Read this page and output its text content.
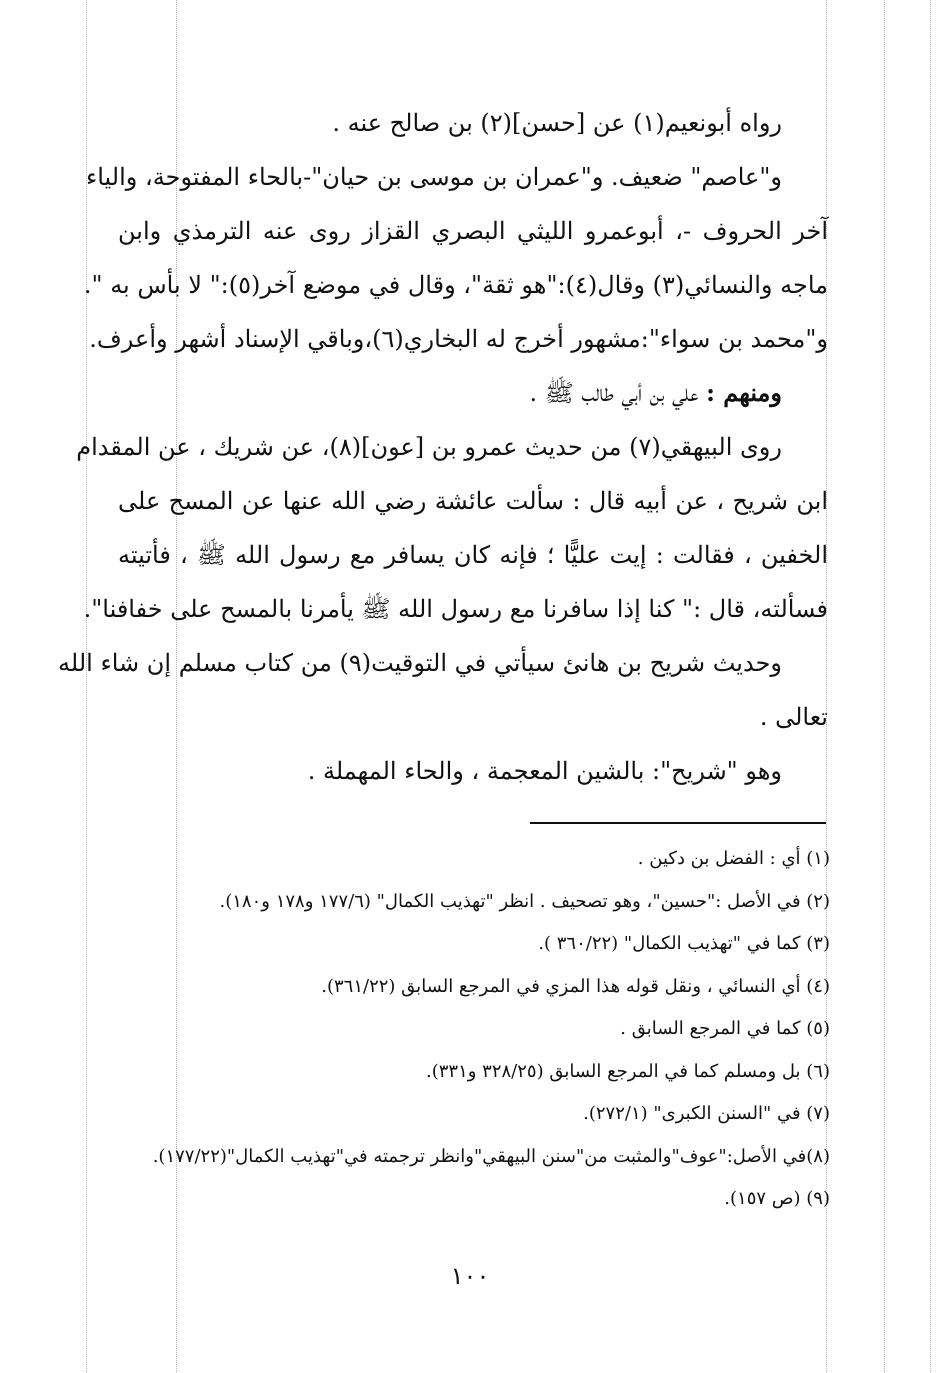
رواه أبونعيم(١) عن [حسن](٢) بن صالح عنه .
و"عاصم" ضعيف. و"عمران بن موسى بن حيان"-بالحاء المفتوحة، والياء
آخر الحروف -، أبوعمرو الليثي البصري القزاز روى عنه الترمذي وابن
ماجه والنسائي(٣) وقال(٤):"هو ثقة"، وقال في موضع آخر(٥):" لا بأس به ".
و"محمد بن سواء":مشهور أخرج له البخاري(٦)،وباقي الإسناد أشهر وأعرف.
ومنهم : علي بن أبي طالب ﷺ .
روى البيهقي(٧) من حديث عمرو بن [عون](٨)، عن شريك ، عن المقدام
ابن شريح ، عن أبيه قال : سألت عائشة رضي الله عنها عن المسح على
الخفين ، فقالت : إيت عليًّا ؛ فإنه كان يسافر مع رسول الله ﷺ ، فأتيته
فسألته، قال :" كنا إذا سافرنا مع رسول الله ﷺ يأمرنا بالمسح على خفافنا".
وحديث شريح بن هانئ سيأتي في التوقيت(٩) من كتاب مسلم إن شاء الله
تعالى .
وهو "شريح": بالشين المعجمة ، والحاء المهملة .
(١) أي : الفضل بن دكين .
(٢) في الأصل :"حسين"، وهو تصحيف . انظر "تهذيب الكمال" (١٧٧/٦ و١٧٨ و١٨٠).
(٣) كما في "تهذيب الكمال" (٣٦٠/٢٢ ).
(٤) أي النسائي ، ونقل قوله هذا المزي في المرجع السابق (٣٦١/٢٢).
(٥) كما في المرجع السابق .
(٦) بل ومسلم كما في المرجع السابق (٣٢٨/٢٥ و٣٣١).
(٧) في "السنن الكبرى" (٢٧٢/١).
(٨)في الأصل:"عوف"والمثبت من"سنن البيهقي"وانظر ترجمته في"تهذيب الكمال"(١٧٧/٢٢).
(٩) (ص ١٥٧).
١٠٠
